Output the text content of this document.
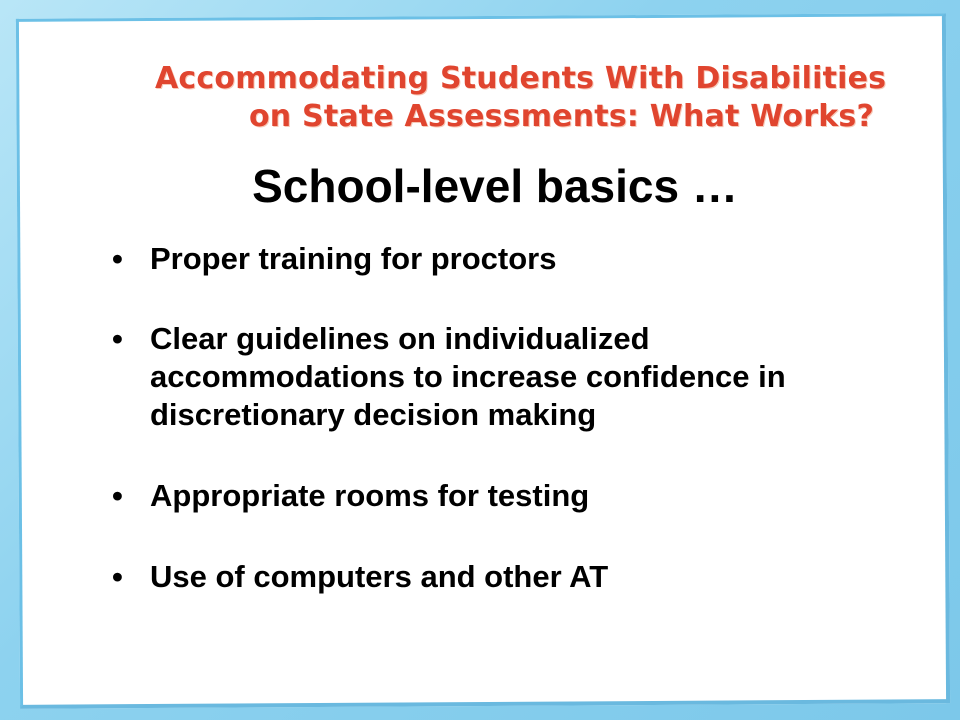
Accommodating Students With Disabilities
on State Assessments: What Works?
School-level basics …
• Proper training for proctors
• Clear guidelines on individualized accommodations to increase confidence in discretionary decision making
• Appropriate rooms for testing
• Use of computers and other AT
